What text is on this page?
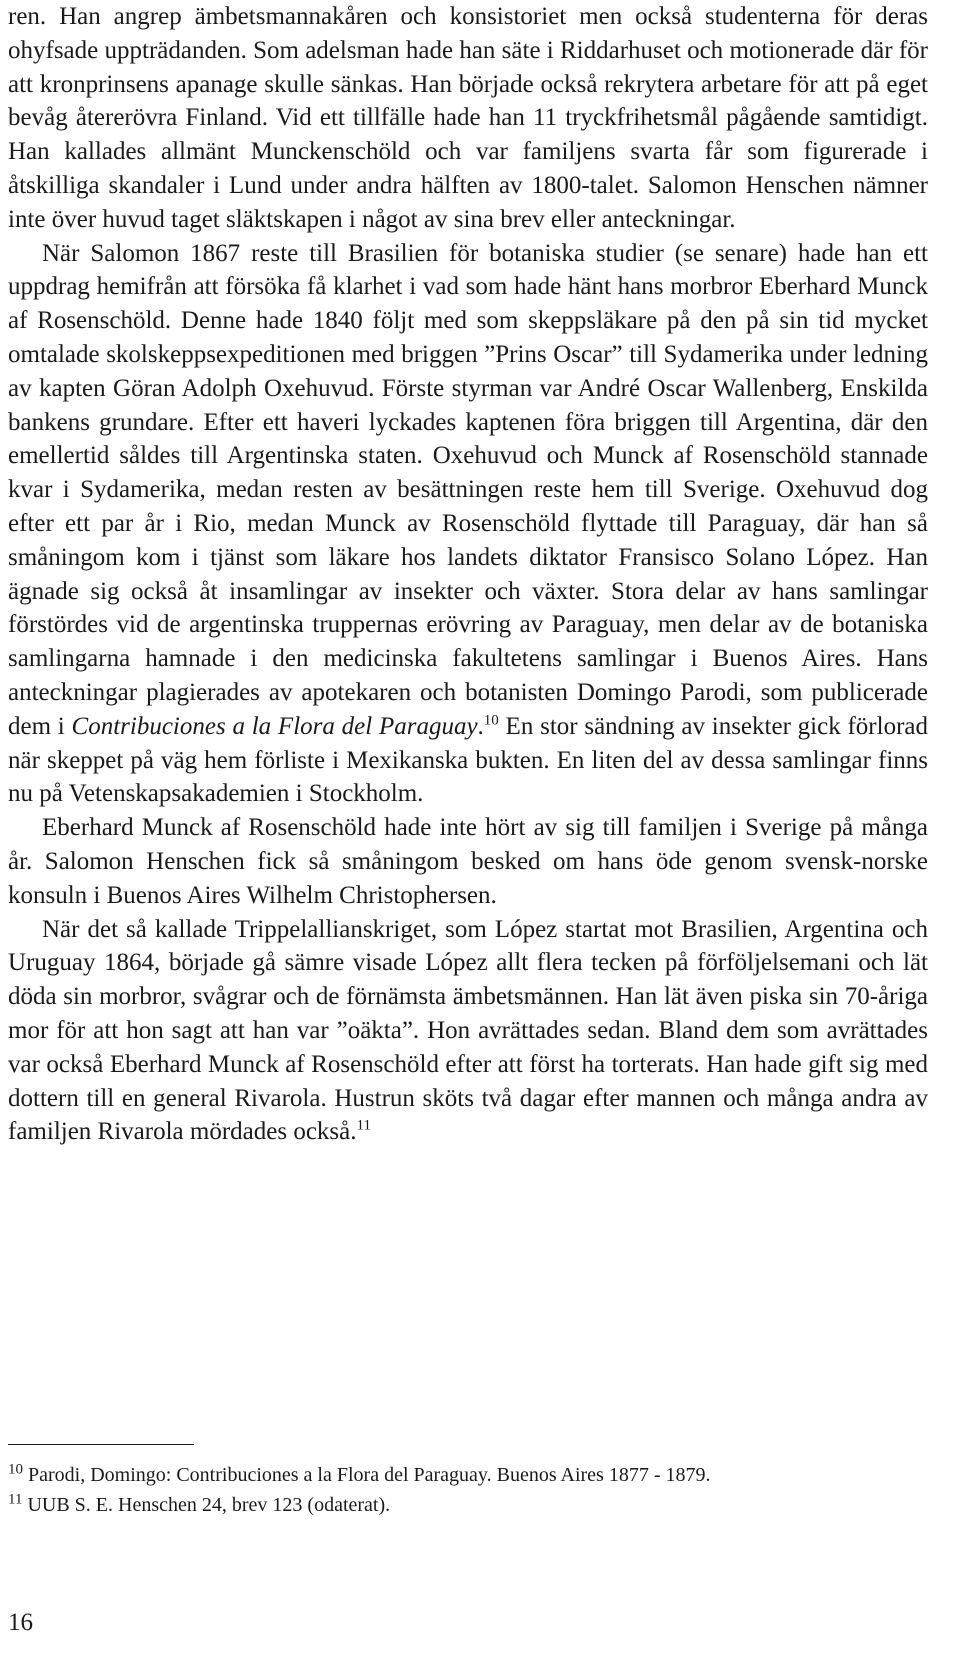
ren. Han angrep ämbetsmannakåren och konsistoriet men också studenterna för deras ohyfsade uppträdanden. Som adelsman hade han säte i Riddarhuset och motionerade där för att kronprinsens apanage skulle sänkas. Han började också rekrytera arbetare för att på eget bevåg återerövra Finland. Vid ett tillfälle hade han 11 tryckfrihetsmål pågående samtidigt. Han kallades allmänt Munckenschöld och var familjens svarta får som figurerade i åtskilliga skandaler i Lund under andra hälften av 1800-talet. Salomon Henschen nämner inte över huvud taget släktskapen i något av sina brev eller anteckningar.

När Salomon 1867 reste till Brasilien för botaniska studier (se senare) hade han ett uppdrag hemifrån att försöka få klarhet i vad som hade hänt hans morbror Eberhard Munck af Rosenschöld. Denne hade 1840 följt med som skeppsläkare på den på sin tid mycket omtalade skolskeppsexpeditionen med briggen ”Prins Oscar” till Sydamerika under ledning av kapten Göran Adolph Oxehuvud. Förste styrman var André Oscar Wallenberg, Enskilda bankens grundare. Efter ett haveri lyckades kaptenen föra briggen till Argentina, där den emellertid såldes till Argentinska staten. Oxehuvud och Munck af Rosenschöld stannade kvar i Sydamerika, medan resten av besättningen reste hem till Sverige. Oxehuvud dog efter ett par år i Rio, medan Munck av Rosenschöld flyttade till Paraguay, där han så småningom kom i tjänst som läkare hos landets diktator Fransisco Solano López. Han ägnade sig också åt insamlingar av insekter och växter. Stora delar av hans samlingar förstördes vid de argentinska truppernas erövring av Paraguay, men delar av de botaniska samlingarna hamnade i den medicinska fakultetens samlingar i Buenos Aires. Hans anteckningar plagierades av apotekaren och botanisten Domingo Parodi, som publicerade dem i Contribuciones a la Flora del Paraguay.$^{10}$ En stor sändning av insekter gick förlorad när skeppet på väg hem förliste i Mexikanska bukten. En liten del av dessa samlingar finns nu på Vetenskapsakademien i Stockholm.

Eberhard Munck af Rosenschöld hade inte hört av sig till familjen i Sverige på många år. Salomon Henschen fick så småningom besked om hans öde genom svensk-norske konsuln i Buenos Aires Wilhelm Christophersen.

När det så kallade Trippelallianskriget, som López startat mot Brasilien, Argentina och Uruguay 1864, började gå sämre visade López allt flera tecken på förföljelsemani och lät döda sin morbror, svågrar och de förnämsta ämbetsmännen. Han lät även piska sin 70-åriga mor för att hon sagt att han var ”oäkta”. Hon avrättades sedan. Bland dem som avrättades var också Eberhard Munck af Rosenschöld efter att först ha torterats. Han hade gift sig med dottern till en general Rivarola. Hustrun sköts två dagar efter mannen och många andra av familjen Rivarola mördades också.$^{11}$

$^{10}$ Parodi, Domingo: Contribuciones a la Flora del Paraguay. Buenos Aires 1877 - 1879.

$^{11}$ UUB S. E. Henschen 24, brev 123 (odaterat).

16
